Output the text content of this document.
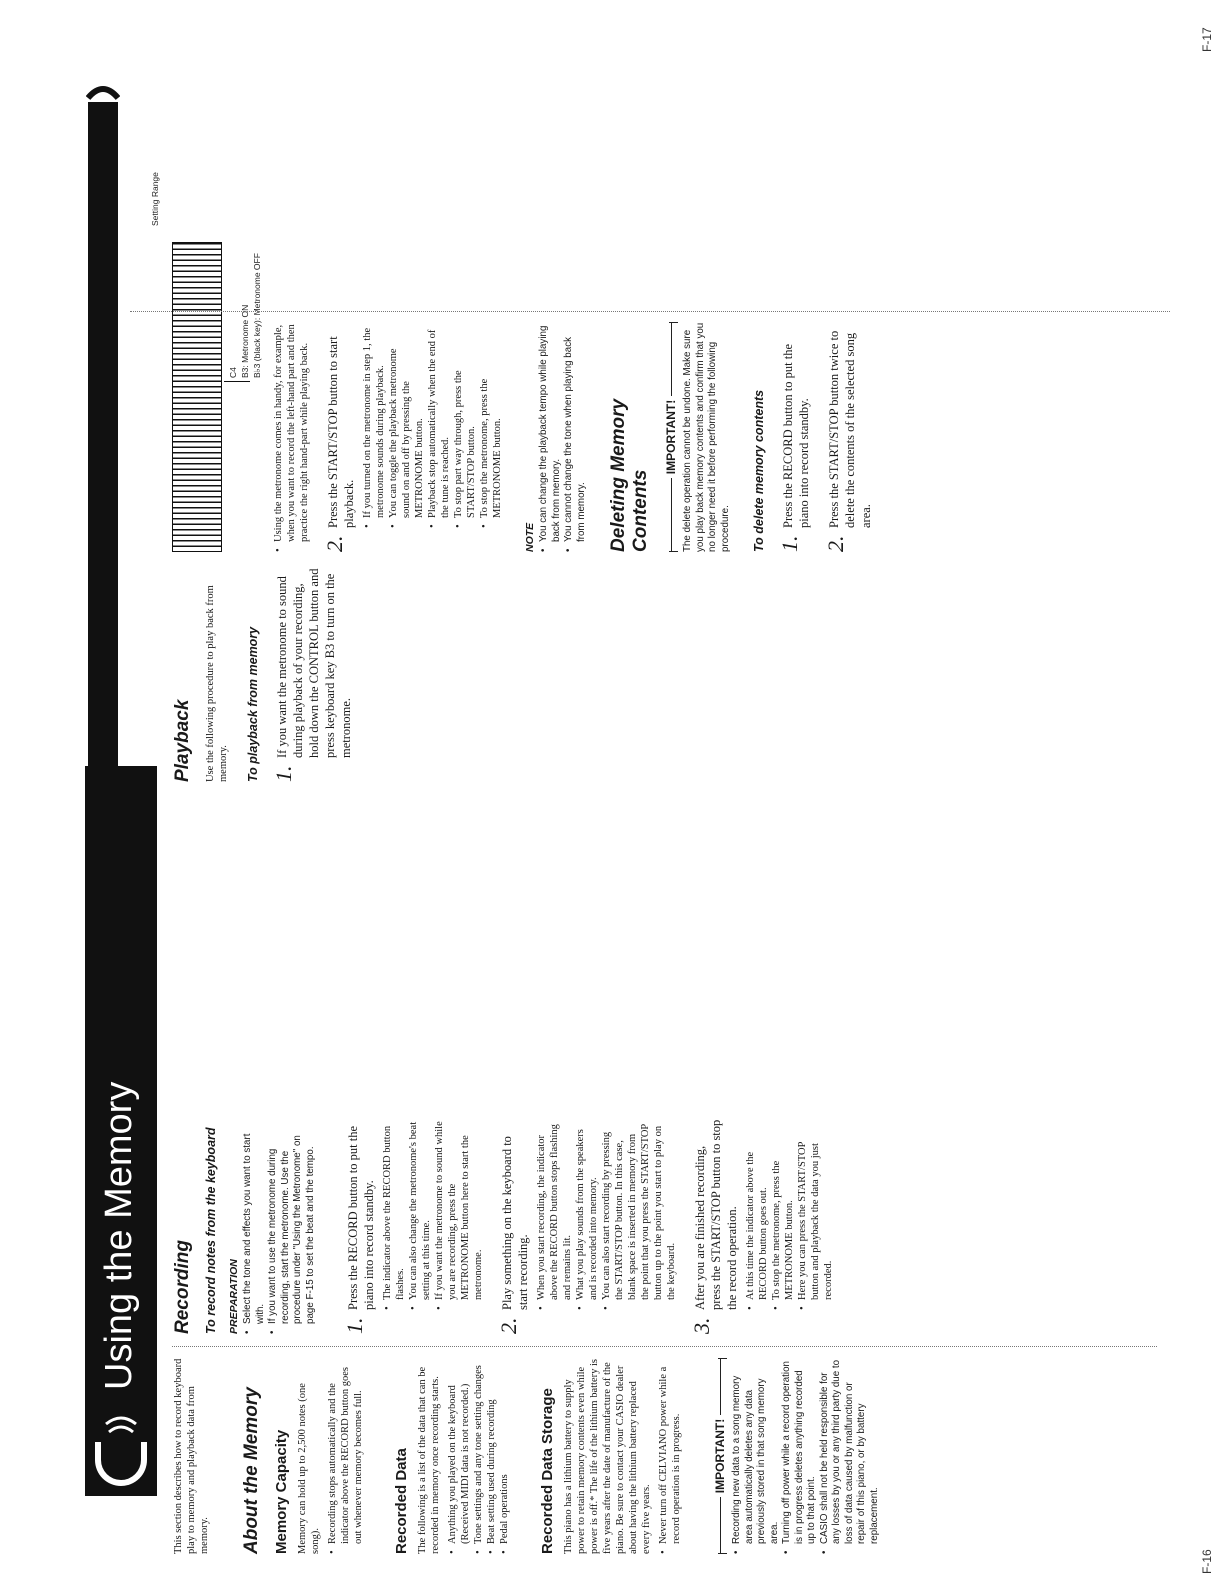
Using the Memory
F-16

This section describes how to record keyboard play to memory and playback data from memory. About the Memory Memory Capacity Memory can hold up to 2,500 notes (one song). • Recording stops automatically and the indicator above the RECORD button goes out whenever memory becomes full. Recorded Data The following is a list of the data that can be recorded in memory once recording starts. • Anything you played on the keyboard (Received MIDI data is not recorded.) • Tone settings and any tone setting changes • Beat setting used during recording • Pedal operations Recorded Data Storage This piano has a lithium battery to supply power to retain memory contents even while power is off.* The life of the lithium battery is five years after the date of manufacture of the piano. Be sure to contact your CASIO dealer about having the lithium battery replaced every five years. • Never turn off CELVIANO power while a record operation is in progress.	IMPORTANT! • Recording new data to a song memory area automatically deletes any data previously stored in that song memory area. • Turning off power while a record operation is in progress deletes anything recorded up to that point. • CASIO shall not be held responsible for any losses by you or any third party due to loss of data caused by malfunction or repair of this piano, or by battery replacement.
Recording To record notes from the keyboard PREPARATION • Select the tone and effects you want to start with. • If you want to use the metronome during recording, start the metronome. Use the procedure under "Using the Metronome" on page F-15 to set the beat and the tempo.
1.
Press the RECORD button to put the piano into record standby. • The indicator above the RECORD button flashes. • You can also change the metronome's beat setting at this time. • If you want the metronome to sound while you are recording, press the METRONOME button here to start the metronome.
2.
Play something on the keyboard to start recording. • When you start recording, the indicator above the RECORD button stops flashing and remains lit. • What you play sounds from the speakers and is recorded into memory. • You can also start recording by pressing the START/STOP button. In this case, blank space is inserted in memory from the point that you press the START/STOP button up to the point you start to play on the keyboard.
3.
After you are finished recording, press the START/STOP button to stop the record operation. • At this time the indicator above the RECORD button goes out. • To stop the metronome, press the METRONOME button. • Here you can press the START/STOP button and playback the data you just recorded.
F-17
Playback Use the following procedure to play back from memory. To playback from memory 1.
If you want the metronome to sound during playback of your recording, hold down the CONTROL button and press keyboard key B3 to turn on the metronome.
Setting Range
C4 B3: Metronome ON B♭3 (black key): Metronome OFF
• Using the metronome comes in handy, for example, when you want to record the left-hand part and then practice the right hand-part while playing back.
2.
Press the START/STOP button to start playback. • If you turned on the metronome in step 1, the metronome sounds during playback. • You can toggle the playback metronome sound on and off by pressing the METRONOME button. • Playback stop automatically when the end of the tune is reached. • To stop part way through, press the START/STOP button. • To stop the metronome, press the METRONOME button.
NOTE • You can change the playback tempo while playing back from memory. • You cannot change the tone when playing back from memory. Deleting Memory Contents
IMPORTANT! The delete operation cannot be undone. Make sure you play back memory contents and confirm that you no longer need it before performing the following procedure. To delete memory contents 1.
Press the RECORD button to put the piano into record standby.
2.
Press the START/STOP button twice to delete the contents of the selected song area.
